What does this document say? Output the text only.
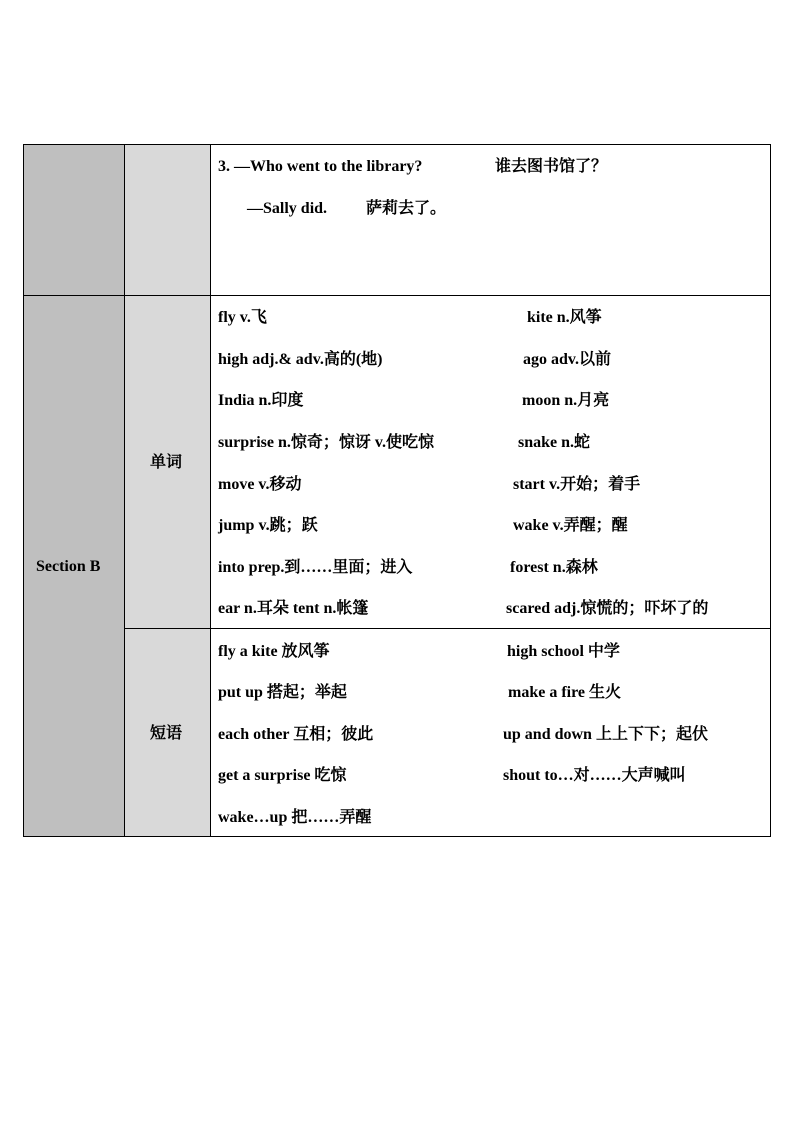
3. —Who went to the library?	谁去图书馆了？
—Sally did. 萨莉去了。
Section B
单词
短语
fly v.飞	kite n.风筝
high adj.& adv.高的(地)	ago adv.以前
India n.印度	moon n.月亮
surprise n.惊奇；惊讶 v.使吃惊	snake n.蛇
move v.移动	start v.开始；着手
jump v.跳；跃	wake v.弄醒；醒
into prep.到……里面；进入	forest n.森林
ear n.耳朵 tent n.帐篷	scared adj.惊慌的；吓坏了的
fly a kite 放风筝	high school 中学
put up 搭起；举起	make a fire 生火
each other 互相；彼此	up and down 上上下下；起伏
get a surprise 吃惊	shout to…对……大声喊叫
wake…up 把……弄醒
